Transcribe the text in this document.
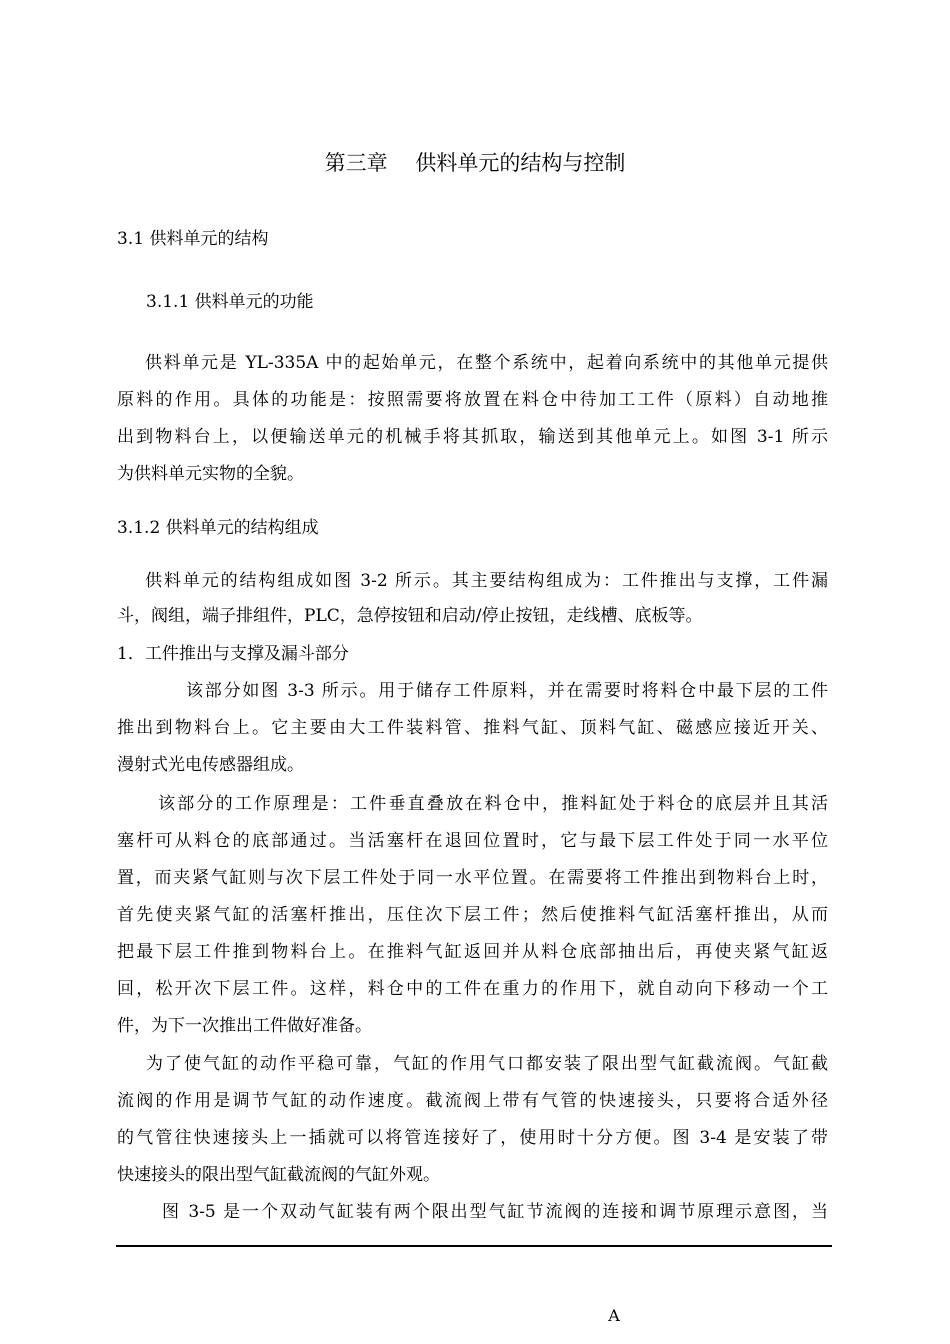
第三章　 供料单元的结构与控制
3.1 供料单元的结构
3.1.1 供料单元的功能
供料单元是 YL-335A 中的起始单元，在整个系统中，起着向系统中的其他单元提供
原料的作用。具体的功能是：按照需要将放置在料仓中待加工工件（原料）自动地推
出到物料台上，以便输送单元的机械手将其抓取，输送到其他单元上。如图 3-1 所示
为供料单元实物的全貌。
3.1.2 供料单元的结构组成
供料单元的结构组成如图 3-2 所示。其主要结构组成为：工件推出与支撑，工件漏
斗，阀组，端子排组件，PLC，急停按钮和启动/停止按钮，走线槽、底板等。
1．工件推出与支撑及漏斗部分
该部分如图 3-3 所示。用于储存工件原料，并在需要时将料仓中最下层的工件
推出到物料台上。它主要由大工件装料管、推料气缸、顶料气缸、磁感应接近开关、
漫射式光电传感器组成。
该部分的工作原理是：工件垂直叠放在料仓中，推料缸处于料仓的底层并且其活
塞杆可从料仓的底部通过。当活塞杆在退回位置时，它与最下层工件处于同一水平位
置，而夹紧气缸则与次下层工件处于同一水平位置。在需要将工件推出到物料台上时，
首先使夹紧气缸的活塞杆推出，压住次下层工件；然后使推料气缸活塞杆推出，从而
把最下层工件推到物料台上。在推料气缸返回并从料仓底部抽出后，再使夹紧气缸返
回，松开次下层工件。这样，料仓中的工件在重力的作用下，就自动向下移动一个工
件，为下一次推出工件做好准备。
为了使气缸的动作平稳可靠，气缸的作用气口都安装了限出型气缸截流阀。气缸截
流阀的作用是调节气缸的动作速度。截流阀上带有气管的快速接头，只要将合适外径
的气管往快速接头上一插就可以将管连接好了，使用时十分方便。图 3-4 是安装了带
快速接头的限出型气缸截流阀的气缸外观。
图 3-5 是一个双动气缸装有两个限出型气缸节流阀的连接和调节原理示意图，当
A
